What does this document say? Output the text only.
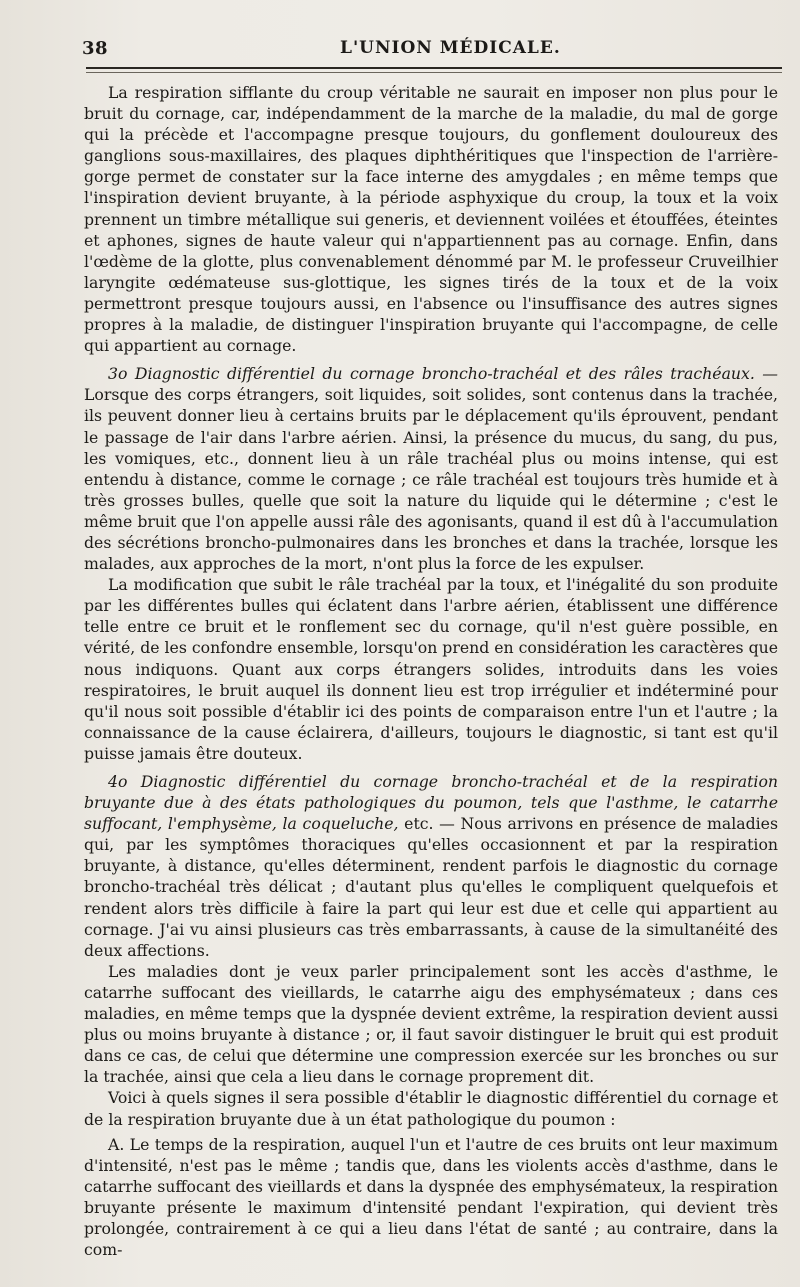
38	L'UNION MÉDICALE.

La respiration sifflante du croup véritable ne saurait en imposer non plus pour le bruit du cornage, car, indépendamment de la marche de la maladie, du mal de gorge qui la précède et l'accompagne presque toujours, du gonflement douloureux des ganglions sous-maxillaires, des plaques diphthéritiques que l'inspection de l'arrière-gorge permet de constater sur la face interne des amygdales ; en même temps que l'inspiration devient bruyante, à la période asphyxique du croup, la toux et la voix prennent un timbre métallique sui generis, et deviennent voilées et étouffées, éteintes et aphones, signes de haute valeur qui n'appartiennent pas au cornage. Enfin, dans l'œdème de la glotte, plus convenablement dénommé par M. le professeur Cruveilhier laryngite œdémateuse sus-glottique, les signes tirés de la toux et de la voix permettront presque toujours aussi, en l'absence ou l'insuffisance des autres signes propres à la maladie, de distinguer l'inspiration bruyante qui l'accompagne, de celle qui appartient au cornage.

3o Diagnostic différentiel du cornage broncho-trachéal et des râles trachéaux. — Lorsque des corps étrangers, soit liquides, soit solides, sont contenus dans la trachée, ils peuvent donner lieu à certains bruits par le déplacement qu'ils éprouvent, pendant le passage de l'air dans l'arbre aérien. Ainsi, la présence du mucus, du sang, du pus, les vomiques, etc., donnent lieu à un râle trachéal plus ou moins intense, qui est entendu à distance, comme le cornage ; ce râle trachéal est toujours très humide et à très grosses bulles, quelle que soit la nature du liquide qui le détermine ; c'est le même bruit que l'on appelle aussi râle des agonisants, quand il est dû à l'accumulation des sécrétions broncho-pulmonaires dans les bronches et dans la trachée, lorsque les malades, aux approches de la mort, n'ont plus la force de les expulser.

La modification que subit le râle trachéal par la toux, et l'inégalité du son produite par les différentes bulles qui éclatent dans l'arbre aérien, établissent une différence telle entre ce bruit et le ronflement sec du cornage, qu'il n'est guère possible, en vérité, de les confondre ensemble, lorsqu'on prend en considération les caractères que nous indiquons. Quant aux corps étrangers solides, introduits dans les voies respiratoires, le bruit auquel ils donnent lieu est trop irrégulier et indéterminé pour qu'il nous soit possible d'établir ici des points de comparaison entre l'un et l'autre ; la connaissance de la cause éclairera, d'ailleurs, toujours le diagnostic, si tant est qu'il puisse jamais être douteux.

4o Diagnostic différentiel du cornage broncho-trachéal et de la respiration bruyante due à des états pathologiques du poumon, tels que l'asthme, le catarrhe suffocant, l'emphysème, la coqueluche, etc. — Nous arrivons en présence de maladies qui, par les symptômes thoraciques qu'elles occasionnent et par la respiration bruyante, à distance, qu'elles déterminent, rendent parfois le diagnostic du cornage broncho-trachéal très délicat ; d'autant plus qu'elles le compliquent quelquefois et rendent alors très difficile à faire la part qui leur est due et celle qui appartient au cornage. J'ai vu ainsi plusieurs cas très embarrassants, à cause de la simultanéité des deux affections.

Les maladies dont je veux parler principalement sont les accès d'asthme, le catarrhe suffocant des vieillards, le catarrhe aigu des emphysémateux ; dans ces maladies, en même temps que la dyspnée devient extrême, la respiration devient aussi plus ou moins bruyante à distance ; or, il faut savoir distinguer le bruit qui est produit dans ce cas, de celui que détermine une compression exercée sur les bronches ou sur la trachée, ainsi que cela a lieu dans le cornage proprement dit.

Voici à quels signes il sera possible d'établir le diagnostic différentiel du cornage et de la respiration bruyante due à un état pathologique du poumon :

A. Le temps de la respiration, auquel l'un et l'autre de ces bruits ont leur maximum d'intensité, n'est pas le même ; tandis que, dans les violents accès d'asthme, dans le catarrhe suffocant des vieillards et dans la dyspnée des emphysémateux, la respiration bruyante présente le maximum d'intensité pendant l'expiration, qui devient très prolongée, contrairement à ce qui a lieu dans l'état de santé ; au contraire, dans la com-
